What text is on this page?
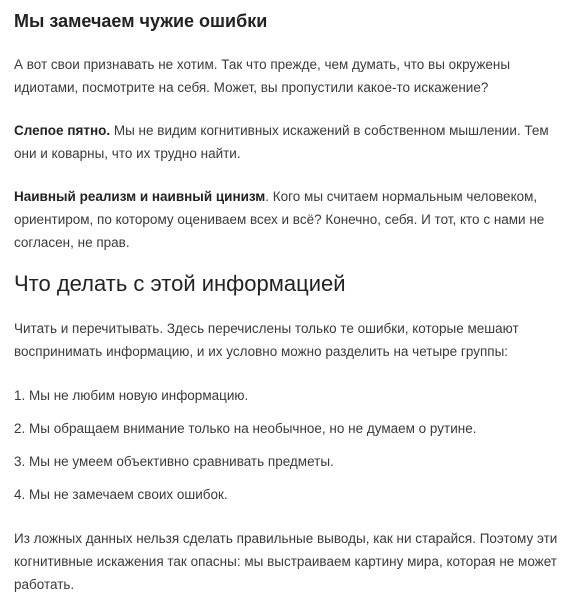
Мы замечаем чужие ошибки

А вот свои признавать не хотим. Так что прежде, чем думать, что вы окружены идиотами, посмотрите на себя. Может, вы пропустили какое-то искажение?

Слепое пятно. Мы не видим когнитивных искажений в собственном мышлении. Тем они и коварны, что их трудно найти.

Наивный реализм и наивный цинизм. Кого мы считаем нормальным человеком, ориентиром, по которому оцениваем всех и всё? Конечно, себя. И тот, кто с нами не согласен, не прав.

Что делать с этой информацией

Читать и перечитывать. Здесь перечислены только те ошибки, которые мешают воспринимать информацию, и их условно можно разделить на четыре группы:

1. Мы не любим новую информацию.

2. Мы обращаем внимание только на необычное, но не думаем о рутине.

3. Мы не умеем объективно сравнивать предметы.

4. Мы не замечаем своих ошибок.

Из ложных данных нельзя сделать правильные выводы, как ни старайся. Поэтому эти когнитивные искажения так опасны: мы выстраиваем картину мира, которая не может работать.
